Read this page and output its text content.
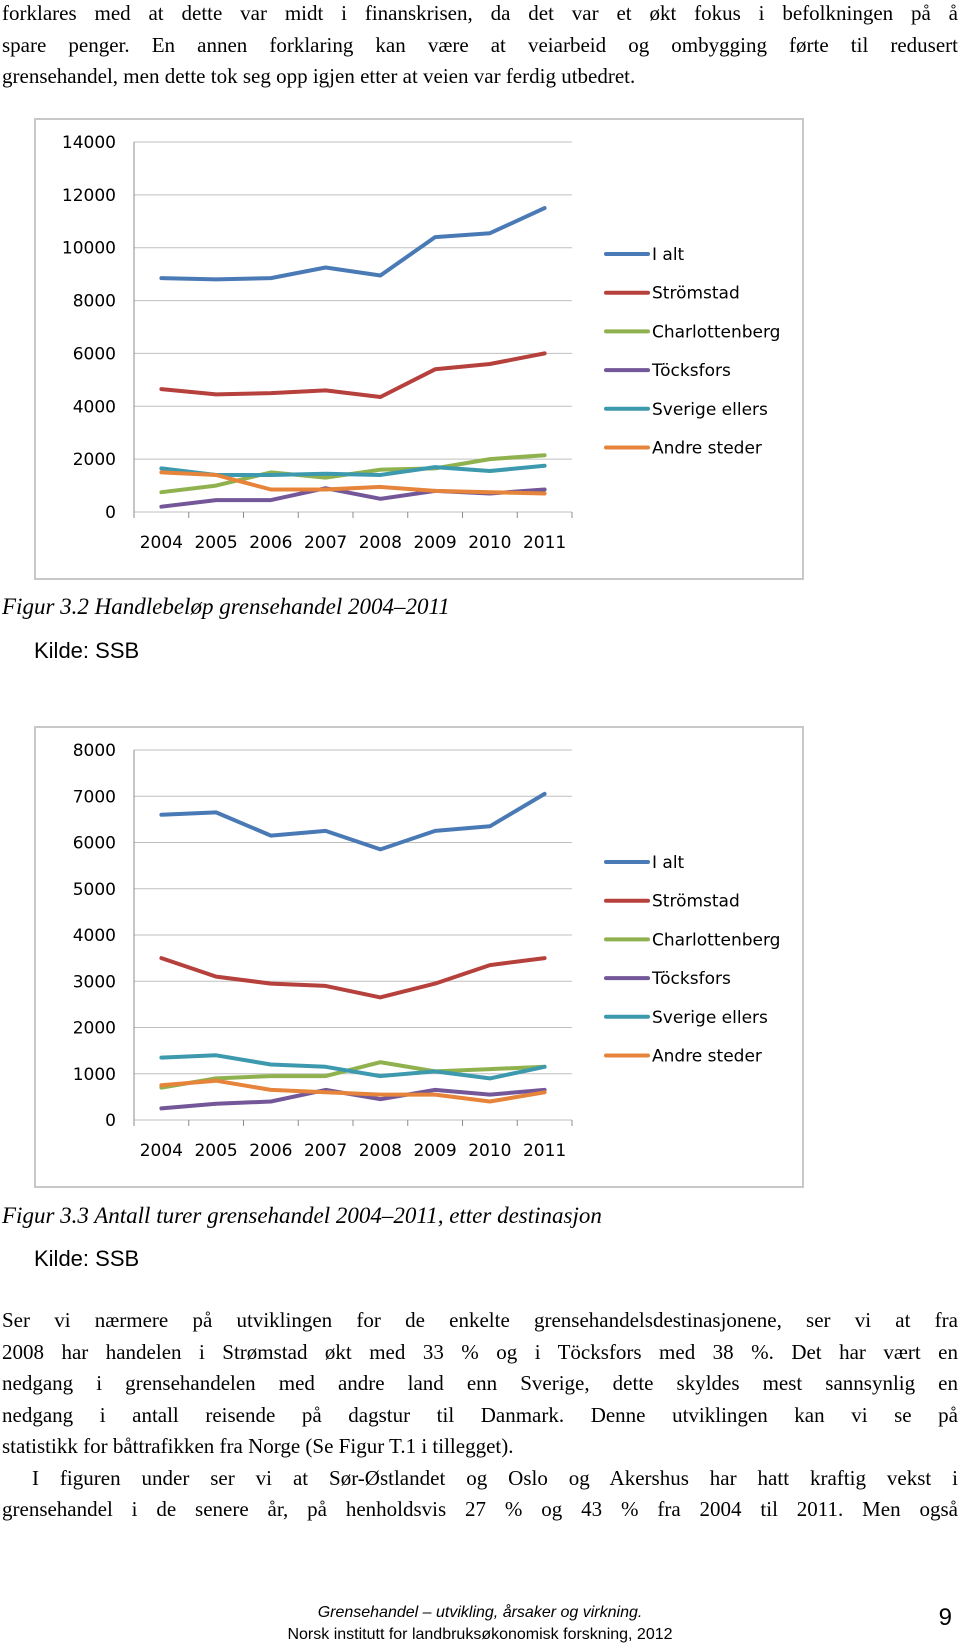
forklares med at dette var midt i finanskrisen, da det var et økt fokus i befolkningen på å
spare penger. En annen forklaring kan være at veiarbeid og ombygging førte til redusert
grensehandel, men dette tok seg opp igjen etter at veien var ferdig utbedret.
0
2000
4000
6000
8000
10000
12000
14000
2004 2005 2006 2007 2008 2009 2010 2011
I alt
Strömstad
Charlottenberg
Töcksfors
Sverige ellers
Andre steder
Figur 3.2 Handlebeløp grensehandel 2004–2011
Kilde: SSB
0
1000
2000
3000
4000
5000
6000
7000
8000
2004 2005 2006 2007 2008 2009 2010 2011
I alt
Strömstad
Charlottenberg
Töcksfors
Sverige ellers
Andre steder
Figur 3.3 Antall turer grensehandel 2004–2011, etter destinasjon
Kilde: SSB
Ser vi nærmere på utviklingen for de enkelte grensehandelsdestinasjonene, ser vi at fra
2008 har handelen i Strømstad økt med 33 % og i Töcksfors med 38 %. Det har vært en
nedgang i grensehandelen med andre land enn Sverige, dette skyldes mest sannsynlig en
nedgang i antall reisende på dagstur til Danmark. Denne utviklingen kan vi se på
statistikk for båttrafikken fra Norge (Se Figur T.1 i tillegget).
I figuren under ser vi at Sør-Østlandet og Oslo og Akershus har hatt kraftig vekst i
grensehandel i de senere år, på henholdsvis 27 % og 43 % fra 2004 til 2011. Men også
Grensehandel – utvikling, årsaker og virkning.
Norsk institutt for landbruksøkonomisk forskning, 2012
9
